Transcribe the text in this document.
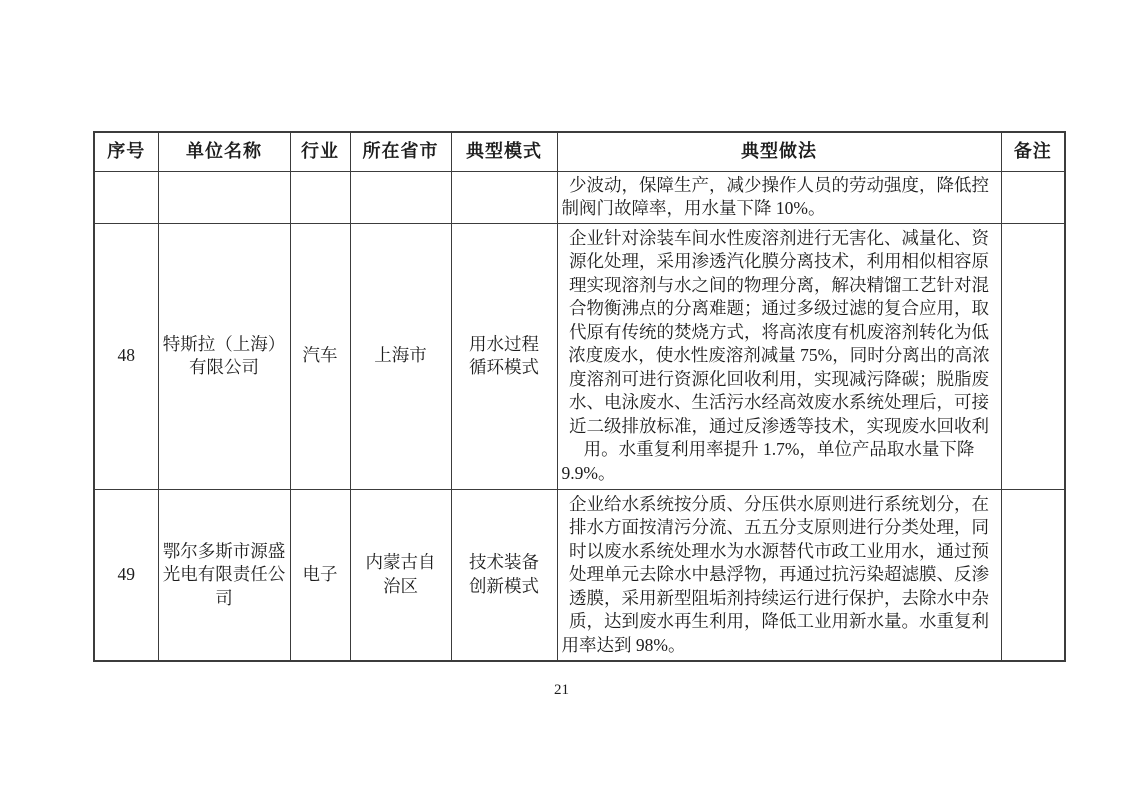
序号	单位名称	行业	所在省市	典型模式	典型做法	备注
					少波动，保障生产，减少操作人员的劳动强度，降低控制阀门故障率，用水量下降 10%。	
48	特斯拉（上海）有限公司	汽车	上海市	用水过程循环模式	企业针对涂装车间水性废溶剂进行无害化、减量化、资源化处理，采用渗透汽化膜分离技术，利用相似相容原理实现溶剂与水之间的物理分离，解决精馏工艺针对混合物衡沸点的分离难题；通过多级过滤的复合应用，取代原有传统的焚烧方式，将高浓度有机废溶剂转化为低浓度废水，使水性废溶剂减量 75%，同时分离出的高浓度溶剂可进行资源化回收利用，实现减污降碳；脱脂废水、电泳废水、生活污水经高效废水系统处理后，可接近二级排放标准，通过反渗透等技术，实现废水回收利用。水重复利用率提升 1.7%，单位产品取水量下降 9.9%。	
49	鄂尔多斯市源盛光电有限责任公司	电子	内蒙古自治区	技术装备创新模式	企业给水系统按分质、分压供水原则进行系统划分，在排水方面按清污分流、五五分支原则进行分类处理，同时以废水系统处理水为水源替代市政工业用水，通过预处理单元去除水中悬浮物，再通过抗污染超滤膜、反渗透膜，采用新型阻垢剂持续运行进行保护，去除水中杂质，达到废水再生利用，降低工业用新水量。水重复利用率达到 98%。	
21
